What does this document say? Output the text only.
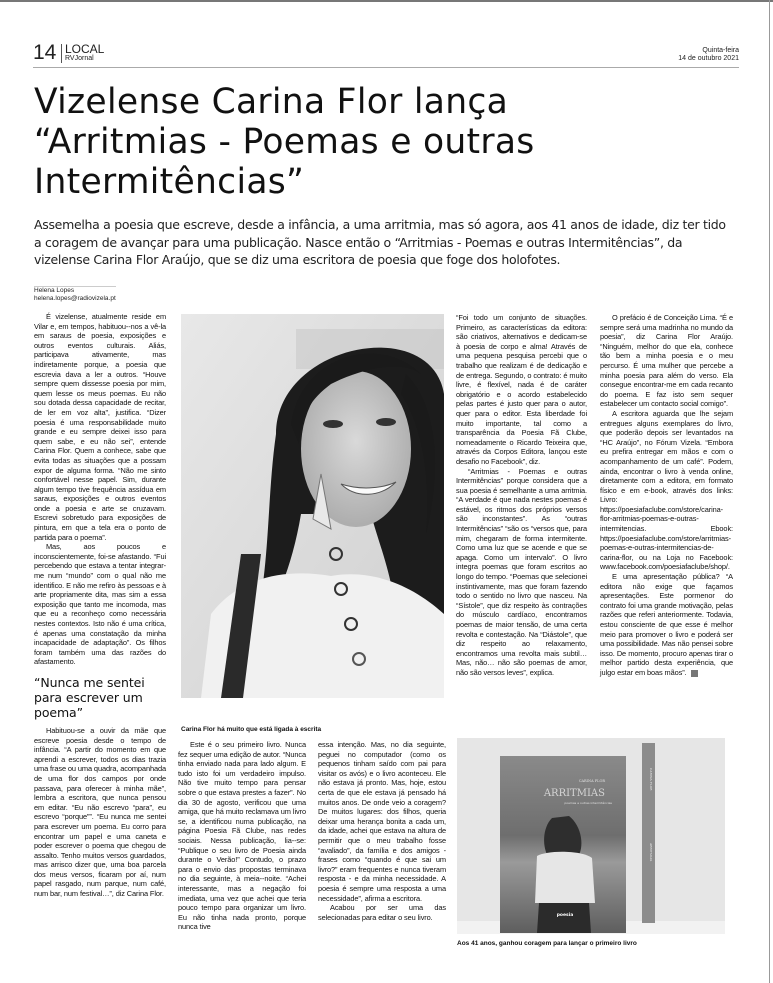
14 LOCAL
RVJornal
Quinta-feira
14 de outubro 2021
Vizelense Carina Flor lança
“Arritmias - Poemas e outras
Intermitências”

Assemelha a poesia que escreve, desde a infância, a uma arritmia, mas só agora, aos 41 anos de idade, diz ter tido a coragem de avançar para uma publicação. Nasce então o “Arritmias - Poemas e outras Intermitências”, da vizelense Carina Flor Araújo, que se diz uma escritora de poesia que foge dos holofotes.

Helena Lopes
helena.lopes@radiovizela.pt

É vizelense, atualmente reside em Vilar e, em tempos, habituou-‑nos a vê-la em saraus de poesia, exposições e outros eventos culturais. Aliás, participava ativamente, mas indiretamente porque, a poesia que escrevia dava a ler a outros. “Houve sempre quem dissesse poesia por mim, quem lesse os meus poemas. Eu não sou dotada dessa capacidade de recitar, de ler em voz alta”, justifica. “Dizer poesia é uma responsabilidade muito grande e eu sempre deixei isso para quem sabe, e eu não sei”, entende Carina Flor. Quem a conhece, sabe que evita todas as situações que a possam expor de alguma forma. “Não me sinto confortável nesse papel. Sim, durante algum tempo tive frequência assídua em saraus, exposições e outros eventos onde a poesia e arte se cruzavam. Escrevi sobretudo para exposições de pintura, em que a tela era o ponto de partida para o poema”.

Mas, aos poucos e inconscientemente, foi-se afastando. “Fui percebendo que estava a tentar integrar-me num “mundo” com o qual não me identifico. E não me refiro às pessoas e à arte propriamente dita, mas sim a essa exposição que tanto me incomoda, mas que eu a reconheço como necessária nestes contextos. Isto não é uma crítica, é apenas uma constatação da minha incapacidade de adaptação”. Os filhos foram também uma das razões do afastamento.

“Nunca me sentei para escrever um poema”

Habituou-se a ouvir da mãe que escreve poesia desde o tempo de infância. “A partir do momento em que aprendi a escrever, todos os dias trazia uma frase ou uma quadra, acompanhada de uma flor dos campos por onde passava, para oferecer à minha mãe”, lembra a escritora, que nunca pensou em editar. “Eu não escrevo “para”, eu escrevo “porque””. “Eu nunca me sentei para escrever um poema. Eu corro para encontrar um papel e uma caneta e poder escrever o poema que chegou de assalto. Tenho muitos versos guardados, mas arrisco dizer que, uma boa parcela dos meus versos, ficaram por aí, num papel rasgado, num parque, num café, num bar, num festival…”, diz Carina Flor.

Carina Flor há muito que está ligada à escrita

Este é o seu primeiro livro. Nunca fez sequer uma edição de autor. “Nunca tinha enviado nada para lado algum. E tudo isto foi um verdadeiro impulso. Não tive muito tempo para pensar sobre o que estava prestes a fazer”. No dia 30 de agosto, verificou que uma amiga, que há muito reclamava um livro se, a identificou numa publicação, na página Poesia Fã Clube, nas redes sociais. Nessa publicação, lia-‑se: “Publique o seu livro de Poesia ainda durante o Verão!” Contudo, o prazo para o envio das propostas terminava no dia seguinte, à meia-‑noite. “Achei interessante, mas a negação foi imediata, uma vez que achei que teria pouco tempo para organizar um livro. Eu não tinha nada pronto, porque nunca tive

essa intenção. Mas, no dia seguinte, peguei no computador (como os pequenos tinham saído com pai para visitar os avós) e o livro aconteceu. Ele não estava já pronto. Mas, hoje, estou certa de que ele estava já pensado há muitos anos. De onde veio a coragem? De muitos lugares: dos filhos, queria deixar uma herança bonita a cada um, da idade, achei que estava na altura de permitir que o meu trabalho fosse “avaliado”, da família e dos amigos - frases como “quando é que sai um livro?” eram frequentes e nunca tiveram resposta - e da minha necessidade. A poesia é sempre uma resposta a uma necessidade”, afirma a escritora.

Acabou por ser uma das selecionadas para editar o seu livro.

“Foi todo um conjunto de situações. Primeiro, as características da editora: são criativos, alternativos e dedicam-se à poesia de corpo e alma! Através de uma pequena pesquisa percebi que o trabalho que realizam é de dedicação e de entrega. Segundo, o contrato: é muito livre, é flexível, nada é de caráter obrigatório e o acordo estabelecido pelas partes é justo quer para o autor, quer para o editor. Esta liberdade foi muito importante, tal como a transparência da Poesia Fã Clube, nomeadamente o Ricardo Teixeira que, através da Corpos Editora, lançou este desafio no Facebook”, diz.

“Arritmias - Poemas e outras Intermitências” porque considera que a sua poesia é semelhante a uma arritmia. “A verdade é que nada nestes poemas é estável, os ritmos dos próprios versos são inconstantes”. As “outras Intermitências” “são os “versos que, para mim, chegaram de forma intermitente. Como uma luz que se acende e que se apaga. Como um intervalo”. O livro integra poemas que foram escritos ao longo do tempo. “Poemas que selecionei instintivamente, mas que foram fazendo todo o sentido no livro que nasceu. Na “Sístole”, que diz respeito às contrações do músculo cardíaco, encontramos poemas de maior tensão, de uma certa revolta e contestação. Na “Diástole”, que diz respeito ao relaxamento, encontramos uma revolta mais subtil… Mas, não… não são poemas de amor, não são versos leves”, explica.

O prefácio é de Conceição Lima. “É e sempre será uma madrinha no mundo da poesia”, diz Carina Flor Araújo. “Ninguém, melhor do que ela, conhece tão bem a minha poesia e o meu percurso. É uma mulher que percebe a minha poesia para além do verso. Ela consegue encontrar-me em cada recanto do poema. E faz isto sem sequer estabelecer um contacto social comigo”.

A escritora aguarda que lhe sejam entregues alguns exemplares do livro, que poderão depois ser levantados na “HC Araújo”, no Fórum Vizela. “Embora eu prefira entregar em mãos e com o acompanhamento de um café”. Podem, ainda, encontrar o livro à venda online, diretamente com a editora, em formato físico e em e-book, através dos links: Livro: https://poesiafaclube.com/store/carina-flor-arritmias-poemas-e-outras-intermitencias. Ebook: https://poesiafaclube.com/store/arritmias-poemas-e-outras-intermitencias-de-carina-flor, ou na Loja no Facebook: www.facebook.com/poesiafaclube/shop/.

E uma apresentação pública? “A editora não exige que façamos apresentações. Este pormenor do contrato foi uma grande motivação, pelas razões que referi anteriormente. Todavia, estou consciente de que esse é melhor meio para promover o livro e poderá ser uma possibilidade. Mas não pensei sobre isso. De momento, procuro apenas tirar o melhor partido desta experiência, que julgo estar em boas mãos”.

CARINA FLOR
ARRITMIAS
poemas e outras intermitências
poesia
CARINA FLOR
ARRITMIAS
Aos 41 anos, ganhou coragem para lançar o primeiro livro
